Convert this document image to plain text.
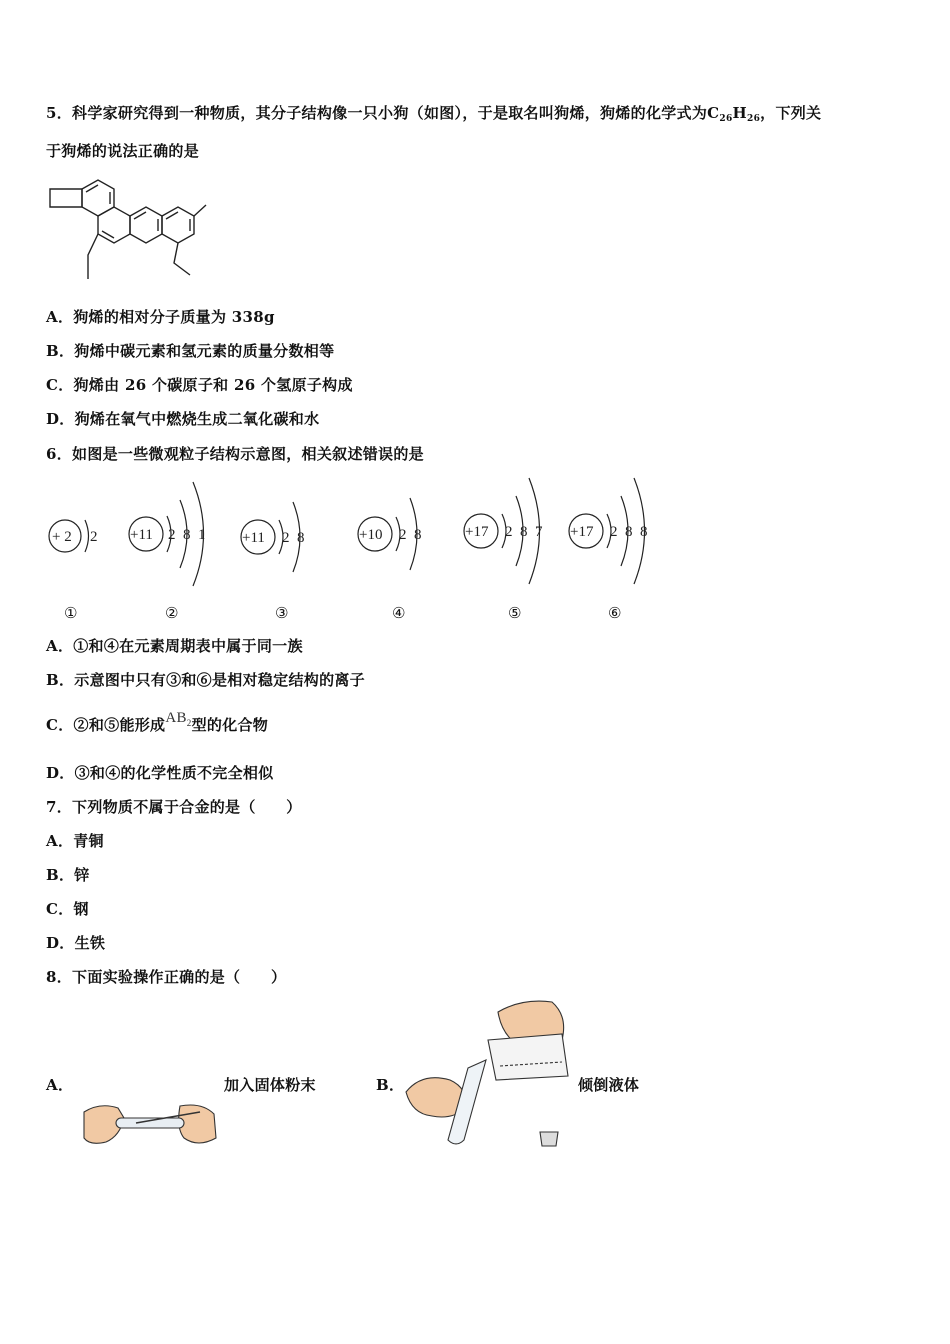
5．科学家研究得到一种物质，其分子结构像一只小狗（如图），于是取名叫狗烯，狗烯的化学式为$C_{26}H_{26}$，下列关
于狗烯的说法正确的是
A．狗烯的相对分子质量为 338g
B．狗烯中碳元素和氢元素的质量分数相等
C．狗烯由 26 个碳原子和 26 个氢原子构成
D．狗烯在氧气中燃烧生成二氧化碳和水
6．如图是一些微观粒子结构示意图，相关叙述错误的是
+ 2 2 +11 2 8 1 +11 2 8	+10 2 8	+17 2 8 7 +17 2 8 8
①	②	③	④	⑤	⑥
A．①和④在元素周期表中属于同一族
B．示意图中只有③和⑥是相对稳定结构的离子
C．②和⑤能形成$AB_2$型的化合物
D．③和④的化学性质不完全相似
7．下列物质不属于合金的是（　　）
A．青铜
B．锌
C．钢
D．生铁
8．下面实验操作正确的是（　　）
A．	加入固体粉末	B．	倾倒液体
